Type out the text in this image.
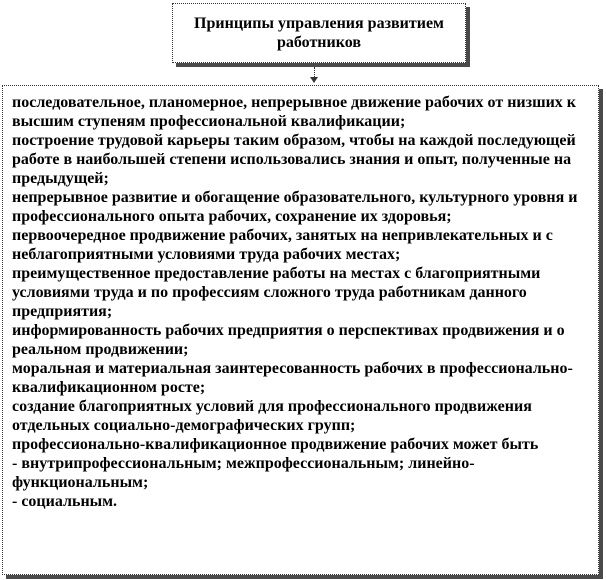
Принципы управления развитием
работников
последовательное, планомерное, непрерывное движение рабочих от низших к высшим ступеням профессиональной квалификации;
построение трудовой карьеры таким образом, чтобы на каждой последующей работе в наибольшей степени использовались знания и опыт, полученные на предыдущей;
непрерывное развитие и обогащение образовательного, культурного уровня и профессионального опыта рабочих, сохранение их здоровья;
первоочередное продвижение рабочих, занятых на непривлекательных и с неблагоприятными условиями труда рабочих местах;
преимущественное предоставление работы на местах с благоприятными условиями труда и по профессиям сложного труда работникам данного предприятия;
информированность рабочих предприятия о перспективах продвижения и о реальном продвижении;
моральная и материальная заинтересованность рабочих в профессионально-квалификационном росте;
создание благоприятных условий для профессионального продвижения отдельных социально-демографических групп;
профессионально-квалификационное продвижение рабочих может быть
- внутрипрофессиональным; межпрофессиональным; линейно-функциональным;
- социальным.
